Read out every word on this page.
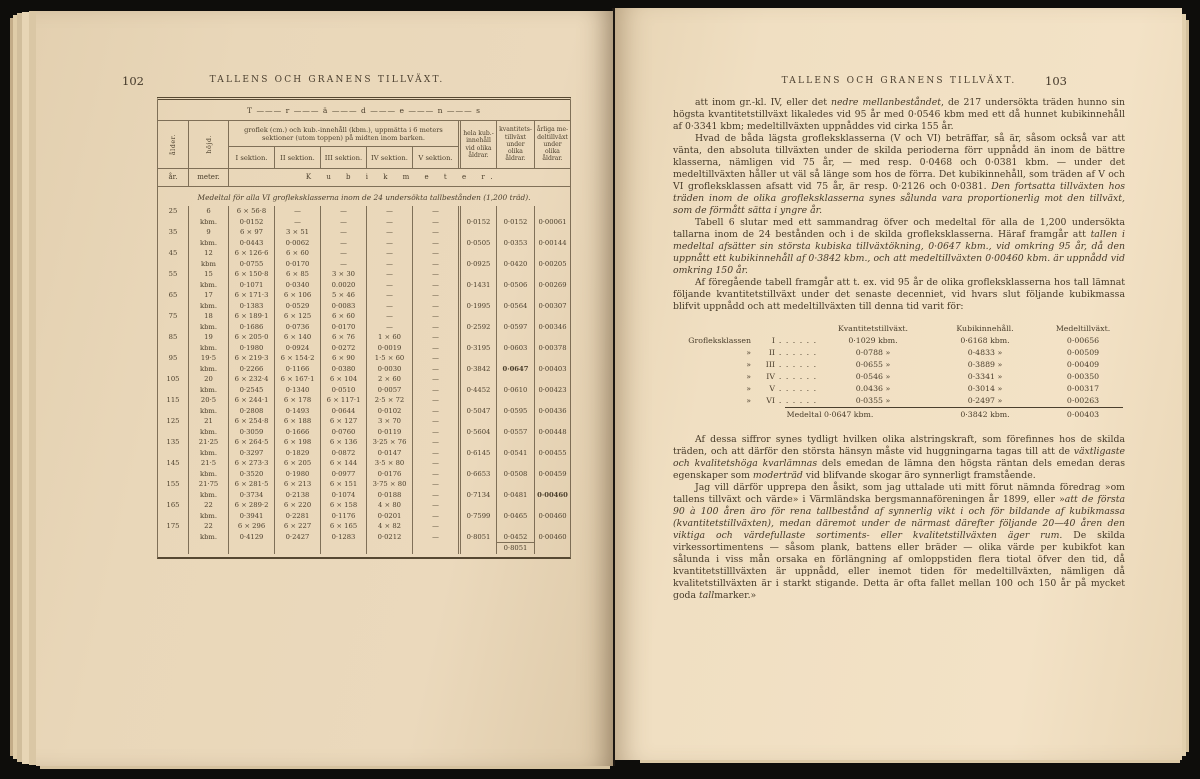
102	TALLENS OCH GRANENS TILLVÄXT.
T ——— r ——— ä ——— d ——— e ——— n ——— s
ålder.	höjd.
groflek (cm.) och kub.-innehåll (kbm.), uppmätta i 6 meters sektioner (utom toppen) på midten inom barken.
I sektion.	II sektion.	III sektion.	IV sektion.	V sektion.
hela kub.- innehåll vid olika åldrar.
kvantitets- tillväxt under olika åldrar.
årliga me- deltillväxt under olika åldrar.
år.	meter.	K u b i k m e t e r.
Medeltal för alla VI grofleksklasserna inom de 24 undersökta tallbestånden (1,200 träd).
25	6	6 × 56·8	—	—	—	—
kbm.	0·0152	—	—	—	—	0·0152	0·0152	0·00061
35	9	6 × 97	3 × 51	—	—	—
kbm.	0·0443	0·0062	—	—	—	0·0505	0·0353	0·00144
45	12	6 × 126·6	6 × 60	—	—	—
kbm	0·0755	0·0170	—	—	—	0·0925	0·0420	0·00205
55	15	6 × 150·8	6 × 85	3 × 30	—	—
kbm.	0·1071	0·0340	0.0020	—	—	0·1431	0·0506	0·00269
65	17	6 × 171·3	6 × 106	5 × 46	—	—
kbm.	0·1383	0·0529	0·0083	—	—	0·1995	0·0564	0·00307
75	18	6 × 189·1	6 × 125	6 × 60	—	—
kbm.	0·1686	0·0736	0·0170	—	—	0·2592	0·0597	0·00346
85	19	6 × 205·0	6 × 140	6 × 76	1 × 60	—
kbm.	0·1980	0·0924	0·0272	0·0019	—	0·3195	0·0603	0·00378
95	19·5	6 × 219·3	6 × 154·2	6 × 90	1·5 × 60	—
kbm.	0·2266	0·1166	0·0380	0·0030	—	0·3842	0·0647	0·00403
105	20	6 × 232·4	6 × 167·1	6 × 104	2 × 60	—
kbm.	0·2545	0·1340	0·0510	0·0057	—	0·4452	0·0610	0·00423
115	20·5	6 × 244·1	6 × 178	6 × 117·1	2·5 × 72	—
kbm.	0·2808	0·1493	0·0644	0·0102	—	0·5047	0·0595	0·00436
125	21	6 × 254·8	6 × 188	6 × 127	3 × 70	—
kbm.	0·3059	0·1666	0·0760	0·0119	—	0·5604	0·0557	0·00448
135	21·25	6 × 264·5	6 × 198	6 × 136	3·25 × 76	—
kbm.	0·3297	0·1829	0·0872	0·0147	—	0·6145	0·0541	0·00455
145	21·5	6 × 273·3	6 × 205	6 × 144	3·5 × 80	—
kbm.	0·3520	0·1980	0·0977	0·0176	—	0·6653	0·0508	0·00459
155	21·75	6 × 281·5	6 × 213	6 × 151	3·75 × 80	—
kbm.	0·3734	0·2138	0·1074	0·0188	—	0·7134	0·0481	0·00460
165	22	6 × 289·2	6 × 220	6 × 158	4 × 80	—
kbm.	0·3941	0·2281	0·1176	0·0201	—	0·7599	0·0465	0·00460
175	22	6 × 296	6 × 227	6 × 165	4 × 82	—
kbm.	0·4129	0·2427	0·1283	0·0212	—	0·8051	0·0452	0·00460
0·8051
TALLENS OCH GRANENS TILLVÄXT.	103

att inom gr.-kl. IV, eller det nedre mellanbeståndet, de 217 undersökta träden hunno sin högsta kvantitetstillväxt likaledes vid 95 år med 0·0546 kbm med ett då hunnet kubikinnehåll af 0·3341 kbm; medeltillväxten uppnåddes vid cirka 155 år.

Hvad de båda lägsta grofleksklasserna (V och VI) beträffar, så är, såsom också var att vänta, den absoluta tillväxten under de skilda perioderna förr uppnådd än inom de bättre klasserna, nämligen vid 75 år, — med resp. 0·0468 och 0·0381 kbm. — under det medeltillväxten håller ut väl så länge som hos de förra. Det kubikinnehåll, som träden af V och VI grofleksklassen afsatt vid 75 år, är resp. 0·2126 och 0·0381. Den fortsatta tillväxten hos träden inom de olika grofleksklasserna synes sålunda vara proportionerlig mot den tillväxt, som de förmått sätta i yngre år.

Tabell 6 slutar med ett sammandrag öfver och medeltal för alla de 1,200 undersökta tallarna inom de 24 bestånden och i de skilda grofleksklasserna. Häraf framgår att tallen i medeltal afsätter sin största kubiska tillväxtökning, 0·0647 kbm., vid omkring 95 år, då den uppnått ett kubikinnehåll af 0·3842 kbm., och att medeltillväxten 0·00460 kbm. är uppnådd vid omkring 150 år.

Af föregående tabell framgår att t. ex. vid 95 år de olika grofleksklasserna hos tall lämnat följande kvantitetstillväxt under det senaste decenniet, vid hvars slut följande kubikmassa blifvit uppnådd och att medeltillväxten till denna tid varit för:

Kvantitetstillväxt.	Kubikinnehåll.	Medeltillväxt.
Grofleksklassen	I . . . . . .	0·1029 kbm.	0·6168 kbm.	0·00656
»	II . . . . . .	0·0788 »	0·4833 »	0·00509
»	III . . . . . .	0·0655 »	0·3889 »	0·00409
»	IV . . . . . .	0·0546 »	0·3341 »	0·00350
»	V . . . . . .	0.0436 »	0·3014 »	0·00317
»	VI . . . . . .	0·0355 »	0·2497 »	0·00263
Medeltal 0·0647 kbm.	0·3842 kbm.	0·00403

Af dessa siffror synes tydligt hvilken olika alstringskraft, som förefinnes hos de skilda träden, och att därför den största hänsyn måste vid huggningarna tagas till att de växtligaste och kvalitetshöga kvarlämnas dels emedan de lämna den högsta räntan dels emedan deras egenskaper som moderträd vid blifvande skogar äro synnerligt framstående.

Jag vill därför upprepa den åsikt, som jag uttalade uti mitt förut nämnda föredrag »om tallens tillväxt och värde» i Värmländska bergsmannaföreningen år 1899, eller »att de första 90 à 100 åren äro för rena tallbestånd af synnerlig vikt i och för bildande af kubikmassa (kvantitetstillväxten), medan däremot under de närmast därefter följande 20—40 åren den viktiga och värdefullaste sortiments- eller kvalitetstillväxten äger rum. De skilda virkessortimentens — såsom plank, battens eller bräder — olika värde per kubikfot kan sålunda i viss mån orsaka en förlängning af omloppstiden flera tiotal öfver den tid, då kvantitetstilllväxten är uppnådd, eller inemot tiden för medeltillväxten, nämligen då kvalitetstillväxten är i starkt stigande. Detta är ofta fallet mellan 100 och 150 år på mycket goda tallmarker.»
